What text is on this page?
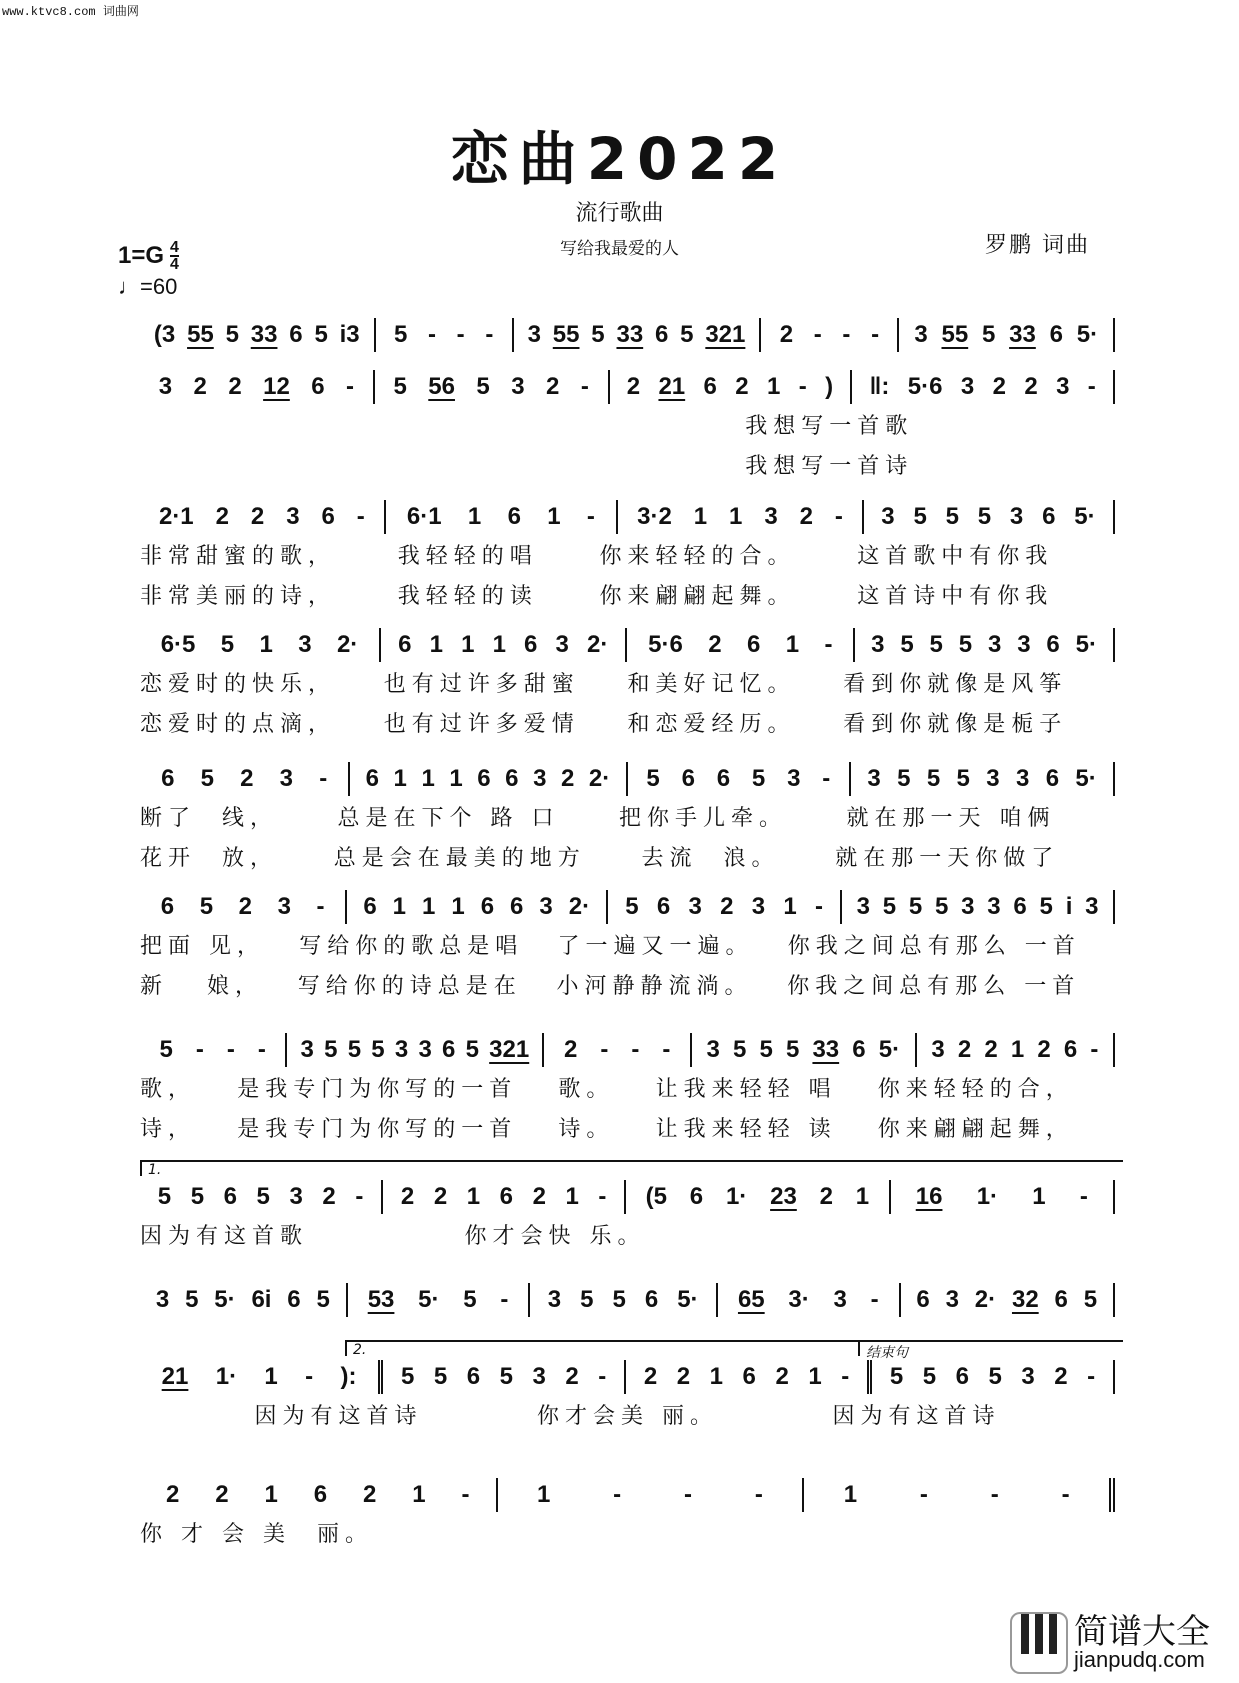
www.ktvc8.com 词曲网
恋曲2022
流行歌曲
写给我最爱的人	罗鹏 词曲
$1=G \frac{4}{4}$
♩=60
(3 55 5 33 6 5 i3 5 - - - 3 55 5 33 6 5 321 2 - - - 3 55 5 33 6 5·
3 2 2 12 6 - 5 56 5 3 2 - 2 21 6 2 1 - ) ‖: 5·6 3 2 2 3 -
我想写一首歌
我想写一首诗
2·1 2 2 3 6 - 6·1 1 6 1 - 3·2 1 1 3 2 - 3 5 5 5 3 6 5·
非常甜蜜的歌，	我轻轻的唱	你来轻轻的合。	这首歌中有你我
非常美丽的诗，	我轻轻的读	你来翩翩起舞。	这首诗中有你我
6·5 5 1 3 2· 6 1 1 1 6 3 2· 5·6 2 6 1 - 3 5 5 5 3 3 6 5·
恋爱时的快乐，	也有过许多甜蜜	和美好记忆。	看到你就像是风筝
恋爱时的点滴，	也有过许多爱情	和恋爱经历。	看到你就像是栀子
6 5 2 3 - 6 1 1 1 6 6 3 2 2· 5 6 6 5 3 - 3 5 5 5 3 3 6 5·
断了  线，	总是在下个 路 口	把你手儿牵。	就在那一天 咱俩
花开  放，	总是会在最美的地方	去流  浪。	就在那一天你做了
6 5 2 3 - 6 1 1 1 6 6 3 2· 5 6 3 2 3 1 - 3 5 5 5 3 3 6 5 i 3
把面 见，	写给你的歌总是唱	了一遍又一遍。	你我之间总有那么 一首
新   娘，	写给你的诗总是在	小河静静流淌。	你我之间总有那么 一首
5 - - - 3 5 5 5 3 3 6 5 321 2 - - - 3 5 5 5 33 6 5· 3 2 2 1 2 6 -
歌，	是我专门为你写的一首	歌。	让我来轻轻 唱	你来轻轻的合，
诗，	是我专门为你写的一首	诗。	让我来轻轻 读	你来翩翩起舞，
5 5 6 5 3 2 - 2 2 1 6 2 1 - (5 6 1· 23 2 1 16 1· 1 -
因为有这首歌	你才会快 乐。
3 5 5· 6i 6 5 53 5· 5 - 3 5 5 6 5· 65 3· 3 - 6 3 2· 32 6 5
21 1· 1 - ): 5 5 6 5 3 2 - 2 2 1 6 2 1 - 5 5 6 5 3 2 -
因为有这首诗	你才会美 丽。	因为有这首诗
2 2 1 6 2 1 -	1	-	-	-	1	-	-	-
你 才 会 美  丽。
1.
2.	结束句
简谱大全
jianpudq.com
